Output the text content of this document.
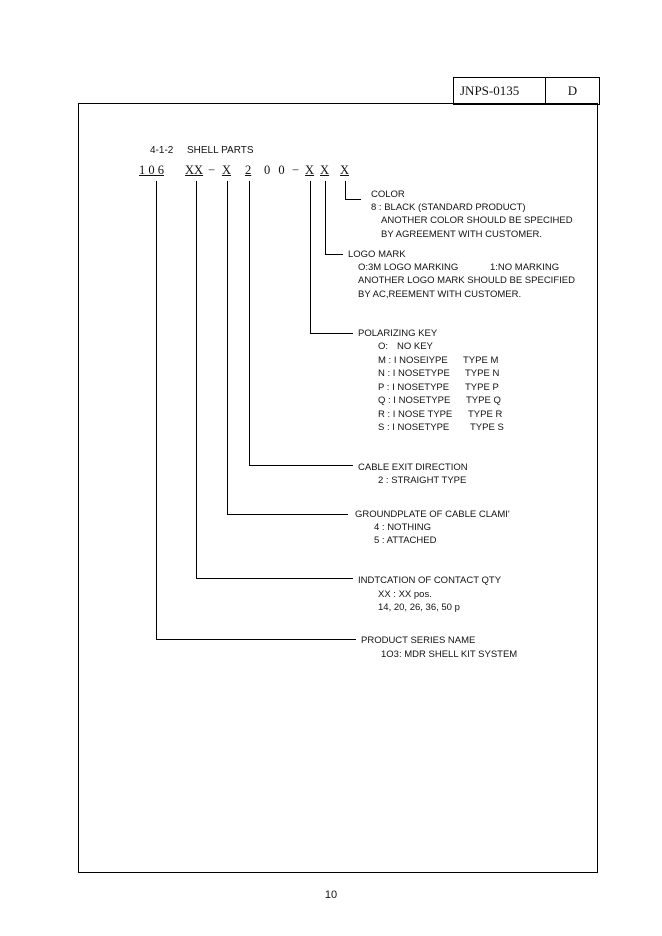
JNPS-0135	D
4-1-2 SHELL PARTS
1 0 6 XX − X 2 0 0 − X X X
COLOR
8 : BLACK (STANDARD PRODUCT)
ANOTHER COLOR SHOULD BE SPECIHED
BY AGREEMENT WITH CUSTOMER.
LOGO MARK
O:3M LOGO MARKING	1:NO MARKING
ANOTHER LOGO MARK SHOULD BE SPECIFIED
BY AC,REEMENT WITH CUSTOMER.
POLARIZING KEY
O: NO KEY
M : I NOSEIYPE TYPE M
N : I NOSETYPE TYPE N
P : I NOSETYPE TYPE P
Q : I NOSETYPE TYPE Q
R : I NOSE TYPE TYPE R
S : I NOSETYPE TYPE S
CABLE EXIT DIRECTION
2 : STRAIGHT TYPE
GROUNDPLATE OF CABLE CLAMI'
4 : NOTHING
5 : ATTACHED
INDTCATION OF CONTACT QTY
XX : XX pos.
14, 20, 26, 36, 50 p
PRODUCT SERIES NAME
1O3: MDR SHELL KIT SYSTEM
10
